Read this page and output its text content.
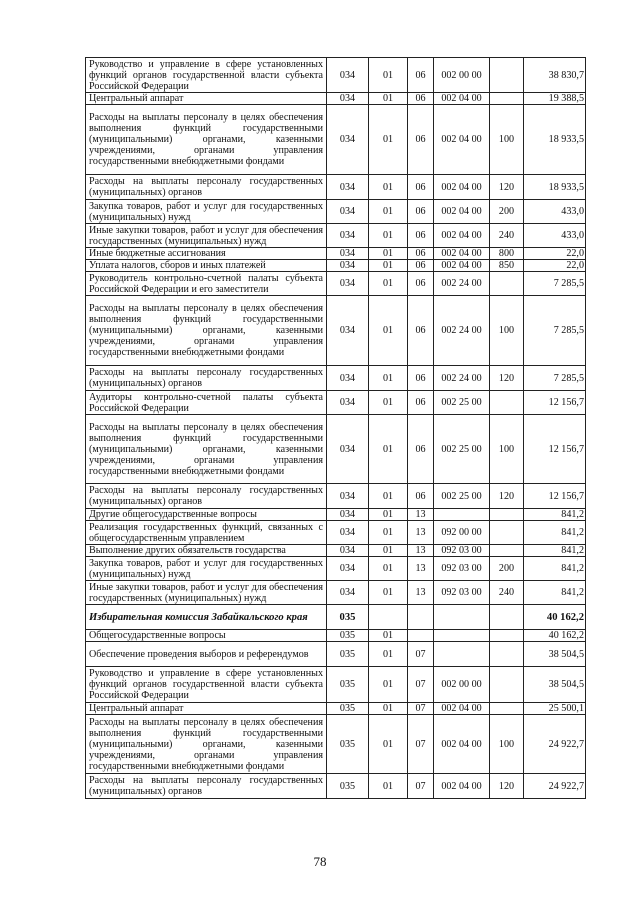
Руководство и управление в сфере установленных функций органов государственной власти субъекта Российской Федерации	034	01	06	002 00 00		38 830,7
Центральный аппарат	034	01	06	002 04 00		19 388,5
Расходы на выплаты персоналу в целях обеспечения выполнения функций государственными (муниципальными) органами, казенными учреждениями, органами управления государственными внебюджетными фондами	034	01	06	002 04 00	100	18 933,5
Расходы на выплаты персоналу государственных (муниципальных) органов	034	01	06	002 04 00	120	18 933,5
Закупка товаров, работ и услуг для государственных (муниципальных) нужд	034	01	06	002 04 00	200	433,0
Иные закупки товаров, работ и услуг для обеспечения государственных (муниципальных) нужд	034	01	06	002 04 00	240	433,0
Иные бюджетные ассигнования	034	01	06	002 04 00	800	22,0
Уплата налогов, сборов и иных платежей	034	01	06	002 04 00	850	22,0
Руководитель контрольно-счетной палаты субъекта Российской Федерации и его заместители	034	01	06	002 24 00		7 285,5
Расходы на выплаты персоналу в целях обеспечения выполнения функций государственными (муниципальными) органами, казенными учреждениями, органами управления государственными внебюджетными фондами	034	01	06	002 24 00	100	7 285,5
Расходы на выплаты персоналу государственных (муниципальных) органов	034	01	06	002 24 00	120	7 285,5
Аудиторы контрольно-счетной палаты субъекта Российской Федерации	034	01	06	002 25 00		12 156,7
Расходы на выплаты персоналу в целях обеспечения выполнения функций государственными (муниципальными) органами, казенными учреждениями, органами управления государственными внебюджетными фондами	034	01	06	002 25 00	100	12 156,7
Расходы на выплаты персоналу государственных (муниципальных) органов	034	01	06	002 25 00	120	12 156,7
Другие общегосударственные вопросы	034	01	13			841,2
Реализация государственных функций, связанных с общегосударственным управлением	034	01	13	092 00 00		841,2
Выполнение других обязательств государства	034	01	13	092 03 00		841,2
Закупка товаров, работ и услуг для государственных (муниципальных) нужд	034	01	13	092 03 00	200	841,2
Иные закупки товаров, работ и услуг для обеспечения государственных (муниципальных) нужд	034	01	13	092 03 00	240	841,2
Избирательная комиссия Забайкальского края	035					40 162,2
Общегосударственные вопросы	035	01				40 162,2
Обеспечение проведения выборов и референдумов	035	01	07			38 504,5
Руководство и управление в сфере установленных функций органов государственной власти субъекта Российской Федерации	035	01	07	002 00 00		38 504,5
Центральный аппарат	035	01	07	002 04 00		25 500,1
Расходы на выплаты персоналу в целях обеспечения выполнения функций государственными (муниципальными) органами, казенными учреждениями, органами управления государственными внебюджетными фондами	035	01	07	002 04 00	100	24 922,7
Расходы на выплаты персоналу государственных (муниципальных) органов	035	01	07	002 04 00	120	24 922,7
78
